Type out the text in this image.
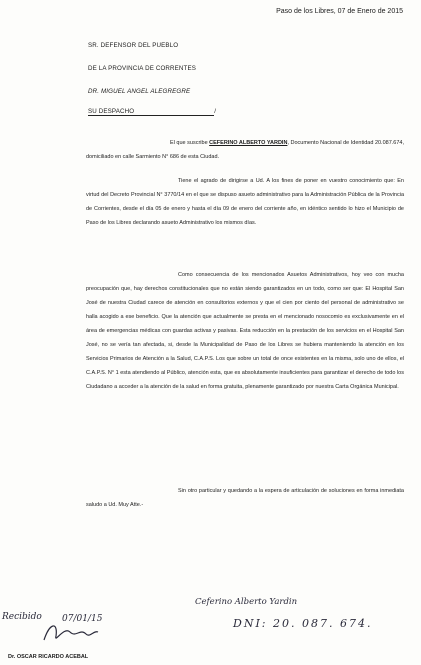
Paso de los Libres, 07 de Enero de 2015
SR. DEFENSOR DEL PUEBLO
DE LA PROVINCIA DE CORRENTES
DR. MIGUEL ANGEL ALEGREGRE
SU DESPACHO	/
El que suscribe CEFERINO ALBERTO YARDIN, Documento Nacional de Identidad 20.087.674, domiciliado en calle Sarmiento N° 686 de esta Ciudad.
Tiene el agrado de dirigirse a Ud. A los fines de poner en vuestro conocimiento que: En virtud del Decreto Provincial N° 3770/14 en el que se dispuso asueto administrativo para la Administración Pública de la Provincia de Corrientes, desde el día 05 de enero y hasta el día 09 de enero del corriente año, en idéntico sentido lo hizo el Municipio de Paso de los Libres declarando asueto Administrativo los mismos días.
Como consecuencia de los mencionados Asuetos Administrativos, hoy veo con mucha preocupación que, hay derechos constitucionales que no están siendo garantizados en un todo, como ser que: El Hospital San José de nuestra Ciudad carece de atención en consultorios externos y que el cien por ciento del personal de administrativo se halla acogido a ese beneficio. Que la atención que actualmente se presta en el mencionado nosocomio es exclusivamente en el área de emergencias médicas con guardas activas y pasivas. Esta reducción en la prestación de los servicios en el Hospital San José, no se vería tan afectada, si, desde la Municipalidad de Paso de los Libres se hubiera manteniendo la atención en los Servicios Primarios de Atención a la Salud, C.A.P.S. Los que sobre un total de once existentes en la misma, solo uno de ellos, el C.A.P.S. N° 1 esta atendiendo al Público, atención esta, que es absolutamente insuficientes para garantizar el derecho de todo los Ciudadano a acceder a la atención de la salud en forma gratuita, plenamente garantizado por nuestra Carta Orgánica Municipal.
Sin otro particular y quedando a la espera de articulación de soluciones en forma inmediata saludo a Ud. Muy Atte.-
Ceferino Alberto Yardin
DNI: 20. 087. 674.
Recibido 07/01/15
Dr. OSCAR RICARDO ACEBAL
